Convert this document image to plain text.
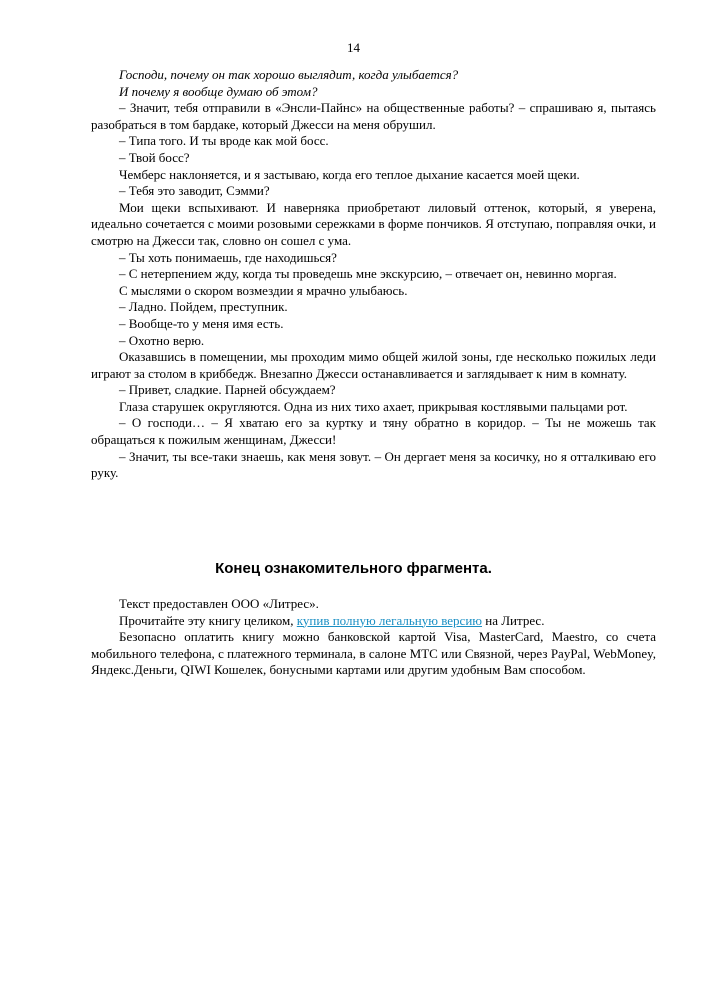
14

Господи, почему он так хорошо выглядит, когда улыбается?

И почему я вообще думаю об этом?

– Значит, тебя отправили в «Энсли-Пайнс» на общественные работы? – спрашиваю я, пытаясь разобраться в том бардаке, который Джесси на меня обрушил.

– Типа того. И ты вроде как мой босс.

– Твой босс?

Чемберс наклоняется, и я застываю, когда его теплое дыхание касается моей щеки.

– Тебя это заводит, Сэмми?

Мои щеки вспыхивают. И наверняка приобретают лиловый оттенок, который, я уверена, идеально сочетается с моими розовыми сережками в форме пончиков. Я отступаю, поправляя очки, и смотрю на Джесси так, словно он сошел с ума.

– Ты хоть понимаешь, где находишься?

– С нетерпением жду, когда ты проведешь мне экскурсию, – отвечает он, невинно моргая.

С мыслями о скором возмездии я мрачно улыбаюсь.

– Ладно. Пойдем, преступник.

– Вообще-то у меня имя есть.

– Охотно верю.

Оказавшись в помещении, мы проходим мимо общей жилой зоны, где несколько пожилых леди играют за столом в криббедж. Внезапно Джесси останавливается и заглядывает к ним в комнату.

– Привет, сладкие. Парней обсуждаем?

Глаза старушек округляются. Одна из них тихо ахает, прикрывая костлявыми пальцами рот.

– О господи… – Я хватаю его за куртку и тяну обратно в коридор. – Ты не можешь так обращаться к пожилым женщинам, Джесси!

– Значит, ты все-таки знаешь, как меня зовут. – Он дергает меня за косичку, но я отталкиваю его руку.

Конец ознакомительного фрагмента.

Текст предоставлен ООО «Литрес».

Прочитайте эту книгу целиком, купив полную легальную версию на Литрес.

Безопасно оплатить книгу можно банковской картой Visa, MasterCard, Maestro, со счета мобильного телефона, с платежного терминала, в салоне МТС или Связной, через PayPal, WebMoney, Яндекс.Деньги, QIWI Кошелек, бонусными картами или другим удобным Вам способом.
